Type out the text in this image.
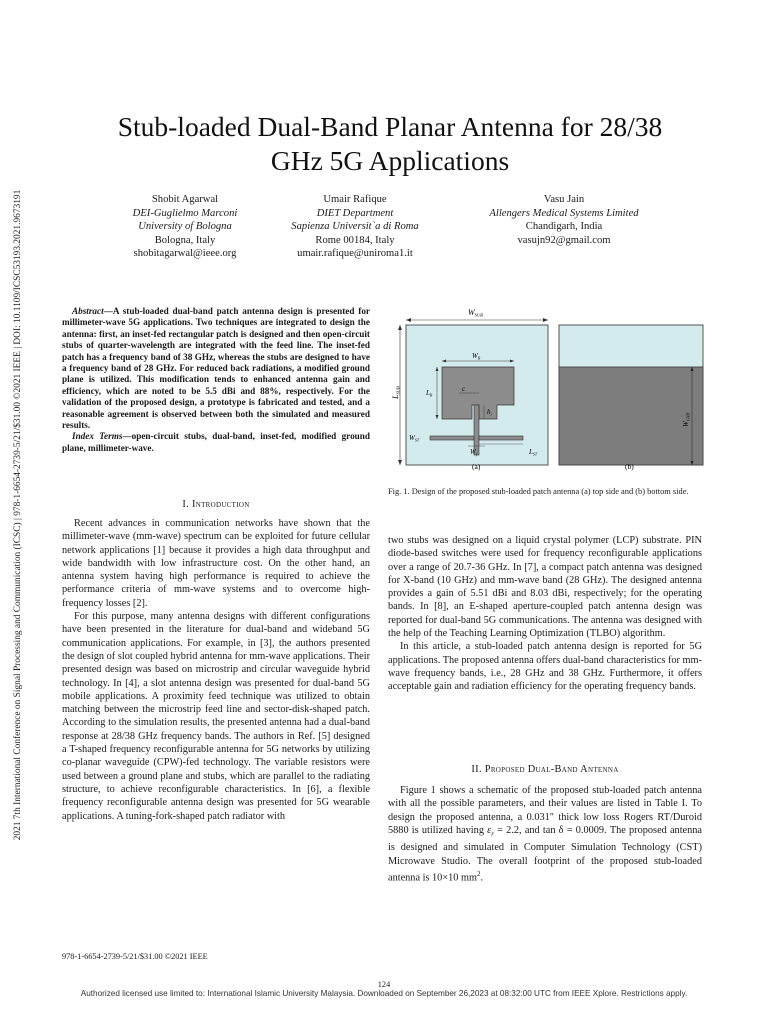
2021 7th International Conference on Signal Processing and Communication (ICSC) | 978-1-6654-2739-5/21/$31.00 ©2021 IEEE | DOI: 10.1109/ICSC53193.2021.9673191
Stub-loaded Dual-Band Planar Antenna for 28/38
GHz 5G Applications
Shobit Agarwal
DEI-Guglielmo Marconi
University of Bologna
Bologna, Italy
shobitagarwal@ieee.org
Umair Rafique
DIET Department
Sapienza Universit`a di Roma
Rome 00184, Italy
umair.rafique@uniroma1.it
Vasu Jain
Allengers Medical Systems Limited
Chandigarh, India
vasujn92@gmail.com

Abstract—A stub-loaded dual-band patch antenna design is presented for millimeter-wave 5G applications. Two techniques are integrated to design the antenna: first, an inset-fed rectangular patch is designed and then open-circuit stubs of quarter-wavelength are integrated with the feed line. The inset-fed patch has a frequency band of 38 GHz, whereas the stubs are designed to have a frequency band of 28 GHz. For reduced back radiations, a modified ground plane is utilized. This modification tends to enhanced antenna gain and efficiency, which are noted to be 5.5 dBi and 88%, respectively. For the validation of the proposed design, a prototype is fabricated and tested, and a reasonable agreement is observed between both the simulated and measured results.

Index Terms—open-circuit stubs, dual-band, inset-fed, modified ground plane, millimeter-wave.

I. Introduction

Recent advances in communication networks have shown that the millimeter-wave (mm-wave) spectrum can be exploited for future cellular network applications [1] because it provides a high data throughput and wide bandwidth with low infrastructure cost. On the other hand, an antenna system having high performance is required to achieve the performance criteria of mm-wave systems and to overcome high-frequency losses [2].

For this purpose, many antenna designs with different configurations have been presented in the literature for dual-band and wideband 5G communication applications. For example, in [3], the authors presented the design of slot coupled hybrid antenna for mm-wave applications. Their presented design was based on microstrip and circular waveguide hybrid technology. In [4], a slot antenna design was presented for dual-band 5G mobile applications. A proximity feed technique was utilized to obtain matching between the microstrip feed line and sector-disk-shaped patch. According to the simulation results, the presented antenna had a dual-band response at 28/38 GHz frequency bands. The authors in Ref. [5] designed a T-shaped frequency reconfigurable antenna for 5G networks by utilizing co-planar waveguide (CPW)-fed technology. The variable resistors were used between a ground plane and stubs, which are parallel to the radiating structure, to achieve reconfigurable characteristics. In [6], a flexible frequency reconfigurable antenna design was presented for 5G wearable applications. A tuning-fork-shaped patch radiator with

WSUB
LSUB
$W_R$
$L_R$
c
$h_i$
$W_{ST}$
$W_f$	$L_{ST}$
(a)
$W_{GND}$
(b)
Fig. 1. Design of the proposed stub-loaded patch antenna (a) top side and (b) bottom side.

two stubs was designed on a liquid crystal polymer (LCP) substrate. PIN diode-based switches were used for frequency reconfigurable applications over a range of 20.7-36 GHz. In [7], a compact patch antenna was designed for X-band (10 GHz) and mm-wave band (28 GHz). The designed antenna provides a gain of 5.51 dBi and 8.03 dBi, respectively; for the operating bands. In [8], an E-shaped aperture-coupled patch antenna design was reported for dual-band 5G communications. The antenna was designed with the help of the Teaching Learning Optimization (TLBO) algorithm.

In this article, a stub-loaded patch antenna design is reported for 5G applications. The proposed antenna offers dual-band characteristics for mm-wave frequency bands, i.e., 28 GHz and 38 GHz. Furthermore, it offers acceptable gain and radiation efficiency for the operating frequency bands.

II. Proposed Dual-Band Antenna

Figure 1 shows a schematic of the proposed stub-loaded patch antenna with all the possible parameters, and their values are listed in Table I. To design the proposed antenna, a 0.031" thick low loss Rogers RT/Duroid 5880 is utilized having $\varepsilon_r = 2.2$, and tan δ = 0.0009. The proposed antenna is designed and simulated in Computer Simulation Technology (CST) Microwave Studio. The overall footprint of the proposed stub-loaded antenna is 10×10 $mm^2$.

978-1-6654-2739-5/21/$31.00 ©2021 IEEE
124
Authorized licensed use limited to: International Islamic University Malaysia. Downloaded on September 26,2023 at 08:32:00 UTC from IEEE Xplore. Restrictions apply.
